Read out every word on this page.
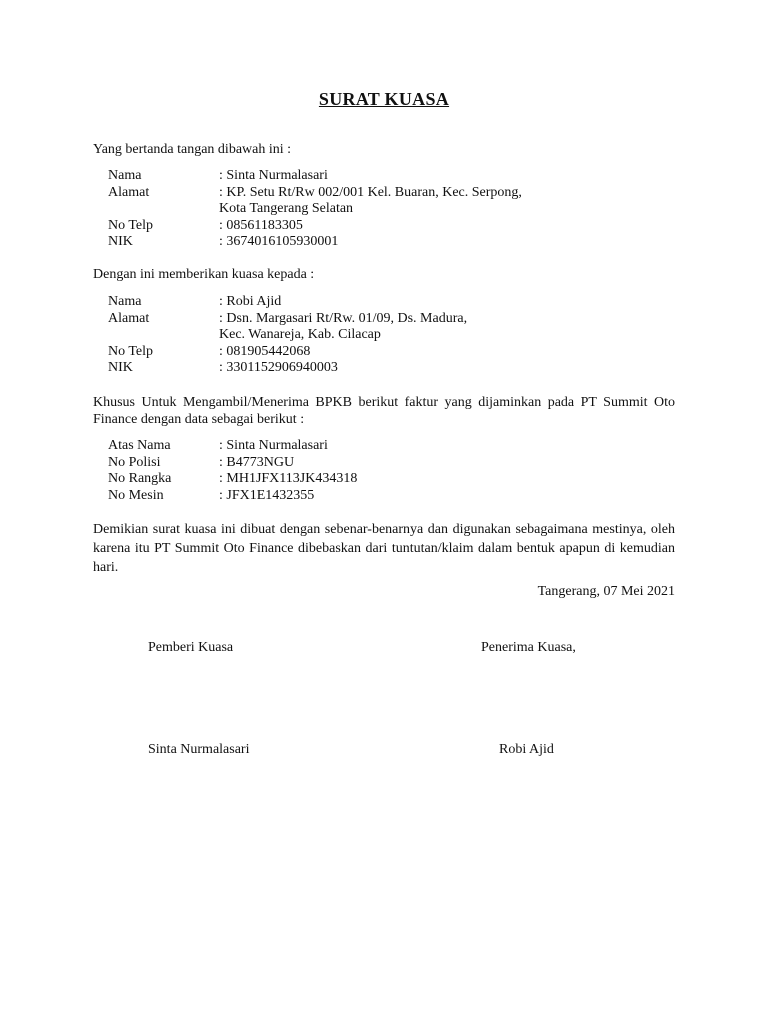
SURAT KUASA

Yang bertanda tangan dibawah ini :

Nama	: Sinta Nurmalasari
Alamat	: KP. Setu Rt/Rw 002/001 Kel. Buaran, Kec. Serpong,
Kota Tangerang Selatan
No Telp	: 08561183305
NIK	: 3674016105930001

Dengan ini memberikan kuasa kepada :

Nama	: Robi Ajid
Alamat	: Dsn. Margasari Rt/Rw. 01/09, Ds. Madura,
Kec. Wanareja, Kab. Cilacap
No Telp	: 081905442068
NIK	: 3301152906940003

Khusus Untuk Mengambil/Menerima BPKB berikut faktur yang dijaminkan pada PT Summit Oto Finance dengan data sebagai berikut :

Atas Nama	: Sinta Nurmalasari
No Polisi	: B4773NGU
No Rangka	: MH1JFX113JK434318
No Mesin	: JFX1E1432355

Demikian surat kuasa ini dibuat dengan sebenar-benarnya dan digunakan sebagaimana mestinya, oleh karena itu PT Summit Oto Finance dibebaskan dari tuntutan/klaim dalam bentuk apapun di kemudian hari.

Tangerang, 07 Mei 2021
Pemberi Kuasa	Penerima Kuasa,
Sinta Nurmalasari	Robi Ajid
